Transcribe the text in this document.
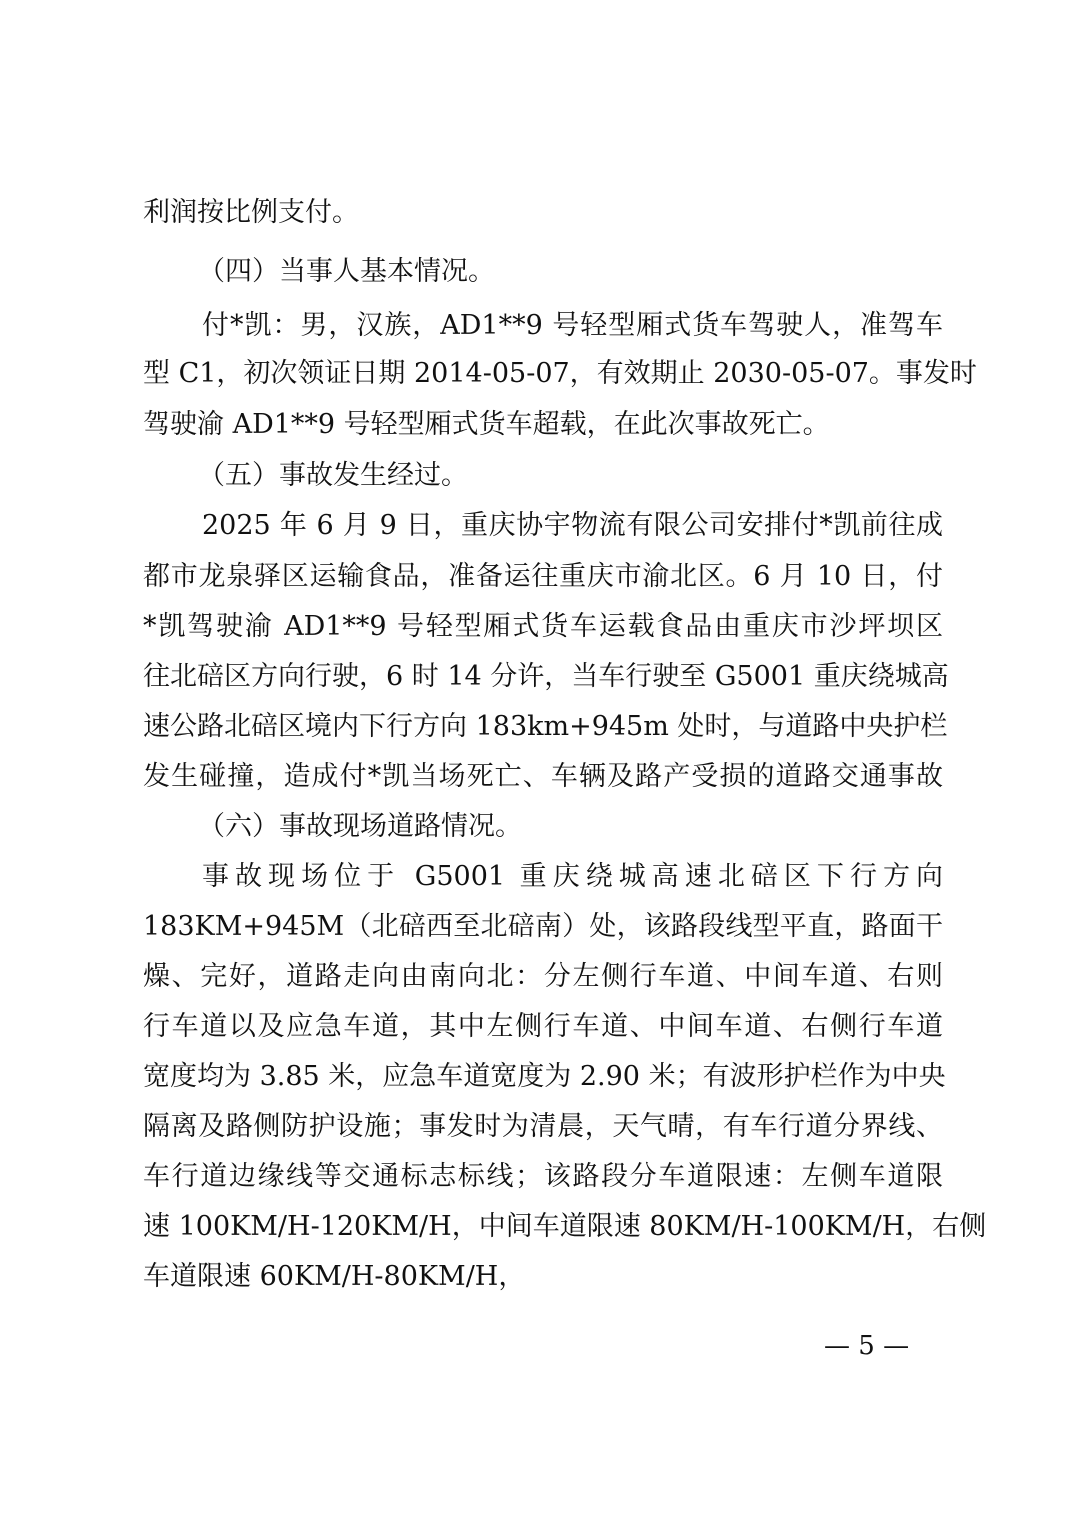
利润按比例支付。
（四）当事人基本情况。
付*凯：男，汉族，AD1**9 号轻型厢式货车驾驶人，准驾车
型 C1，初次领证日期 2014-05-07，有效期止 2030-05-07。事发时
驾驶渝 AD1**9 号轻型厢式货车超载，在此次事故死亡。
（五）事故发生经过。
2025 年 6 月 9 日，重庆协宇物流有限公司安排付*凯前往成
都市龙泉驿区运输食品，准备运往重庆市渝北区。6 月 10 日，付
*凯驾驶渝 AD1**9 号轻型厢式货车运载食品由重庆市沙坪坝区
往北碚区方向行驶，6 时 14 分许，当车行驶至 G5001 重庆绕城高
速公路北碚区境内下行方向 183km+945m 处时，与道路中央护栏
发生碰撞，造成付*凯当场死亡、车辆及路产受损的道路交通事故
（六）事故现场道路情况。
事故现场位于 G5001 重庆绕城高速北碚区下行方向
183KM+945M（北碚西至北碚南）处，该路段线型平直，路面干
燥、完好，道路走向由南向北：分左侧行车道、中间车道、右则
行车道以及应急车道，其中左侧行车道、中间车道、右侧行车道
宽度均为 3.85 米，应急车道宽度为 2.90 米；有波形护栏作为中央
隔离及路侧防护设施；事发时为清晨，天气晴，有车行道分界线、
车行道边缘线等交通标志标线；该路段分车道限速：左侧车道限
速 100KM/H-120KM/H，中间车道限速 80KM/H-100KM/H，右侧
车道限速 60KM/H-80KM/H，
— 5 —
